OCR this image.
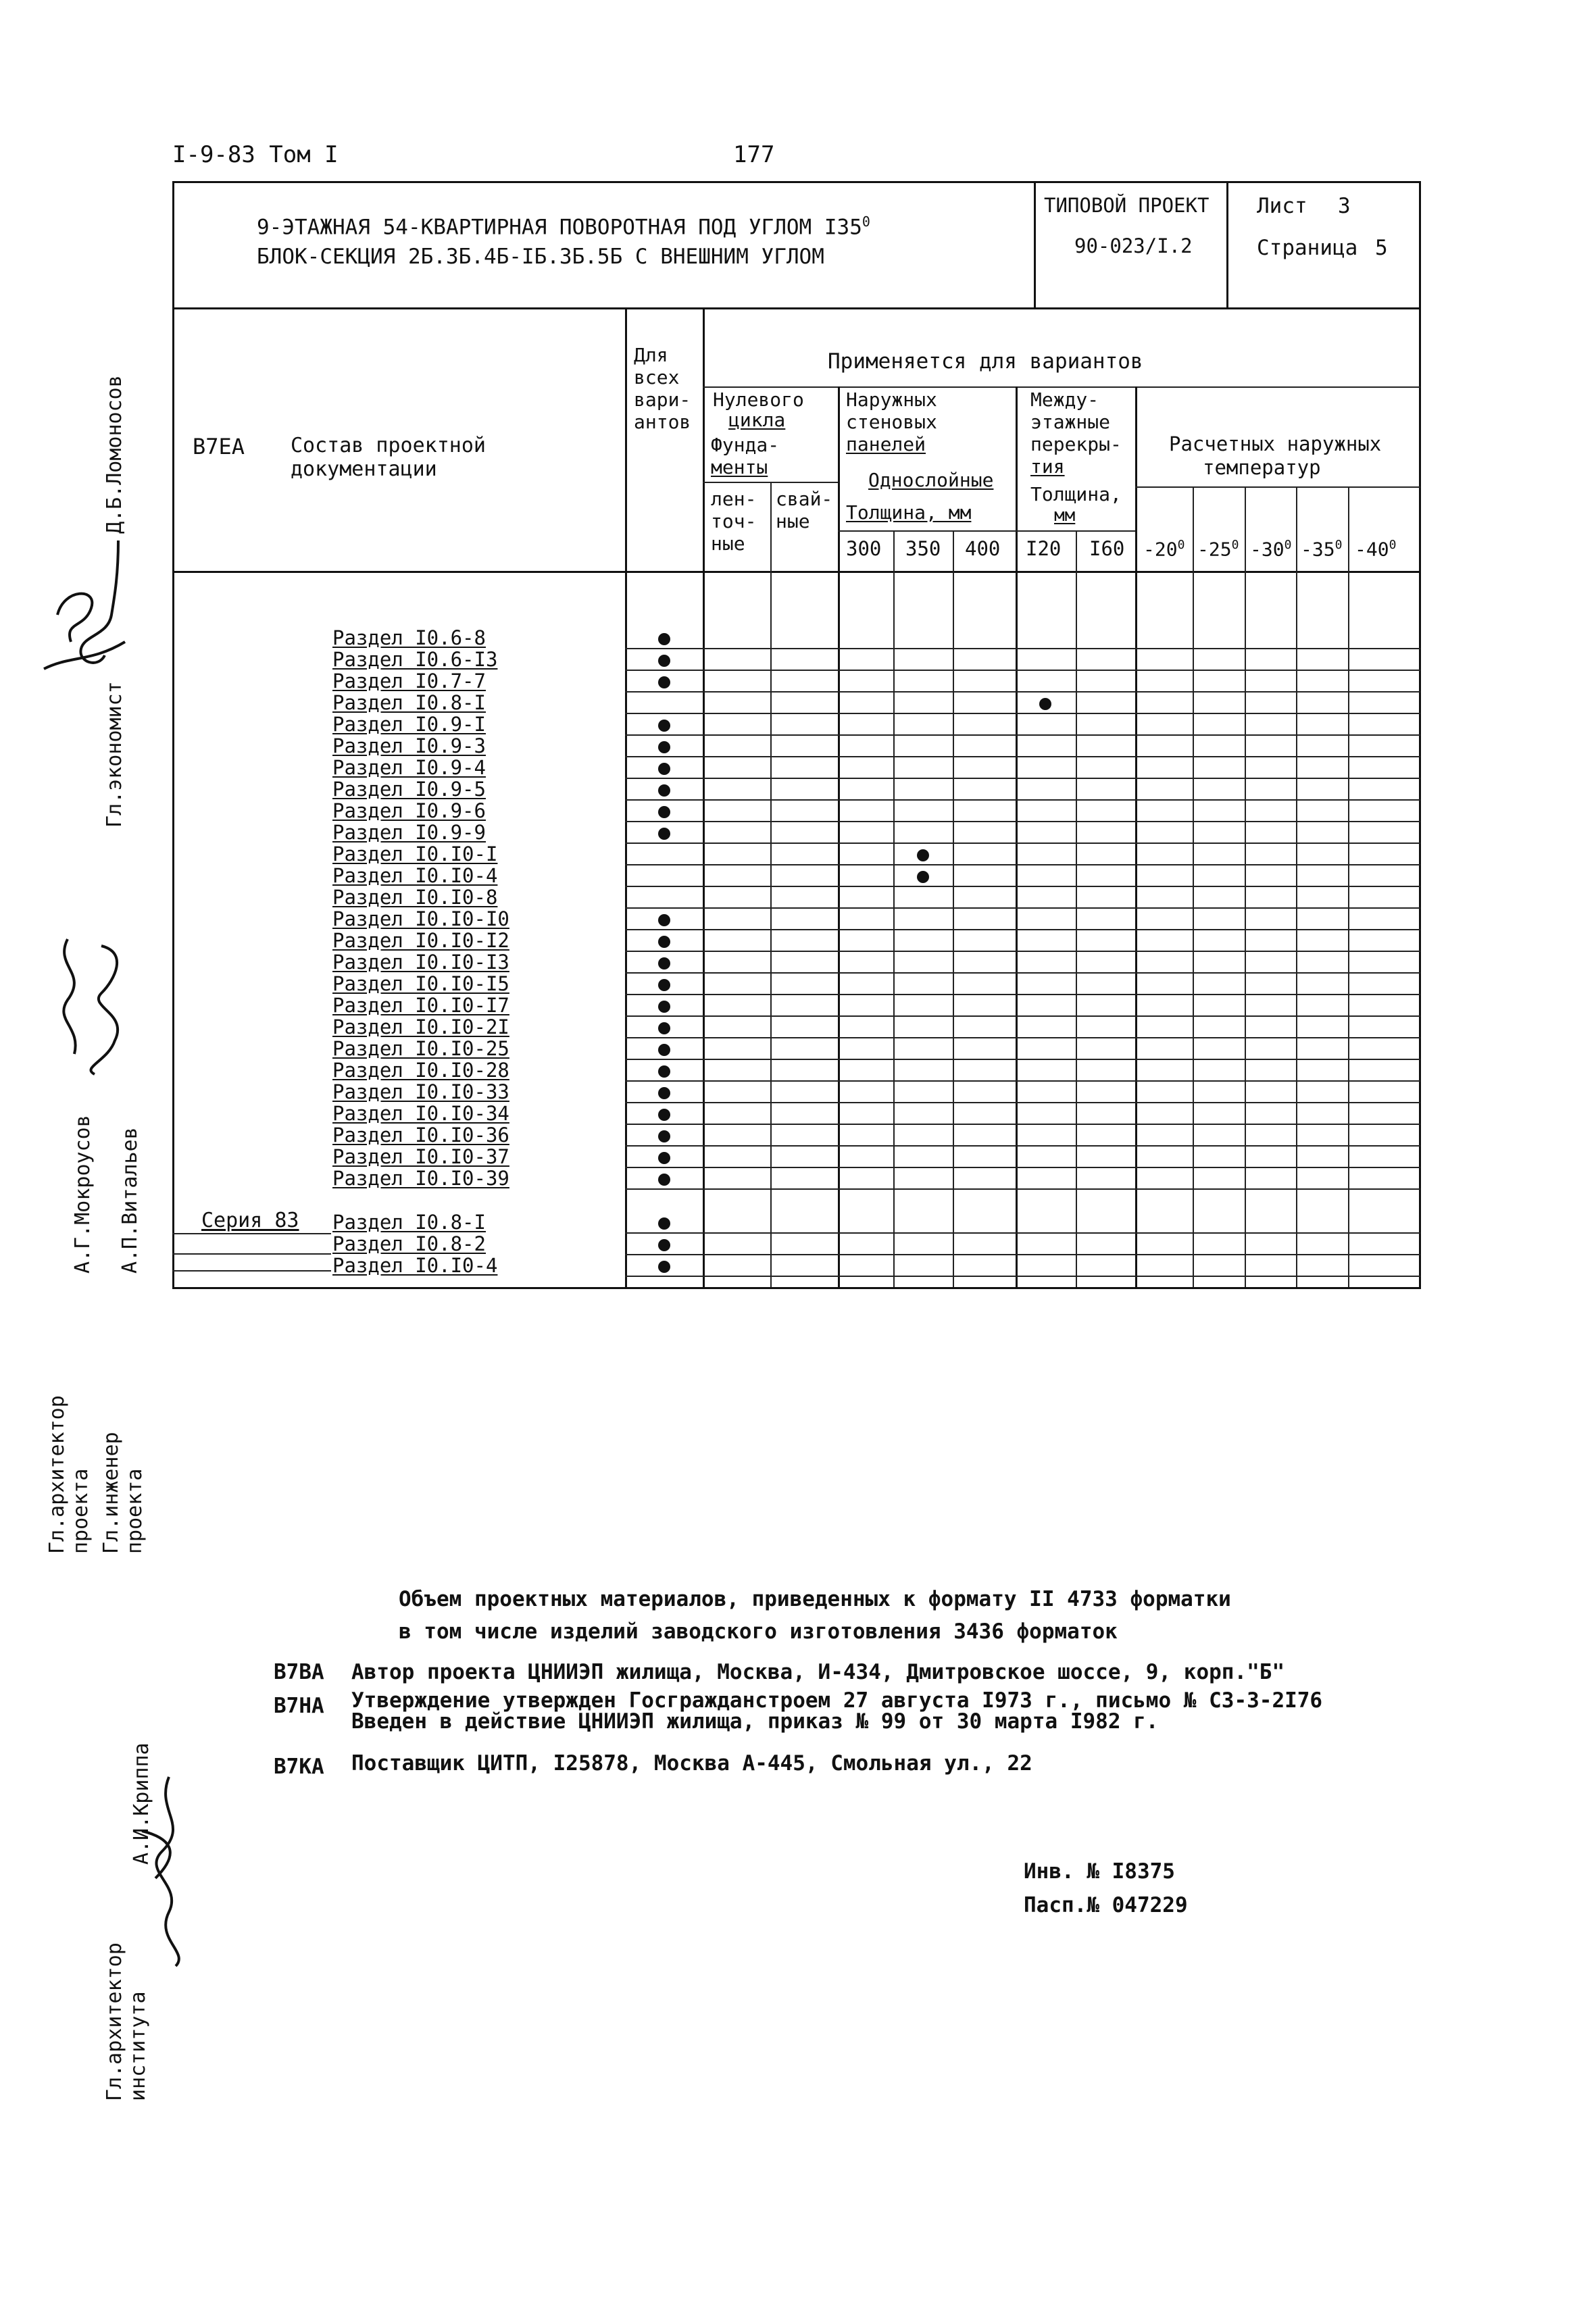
I-9-83 Том I	177
9-ЭТАЖНАЯ 54-КВАРТИРНАЯ ПОВОРОТНАЯ ПОД УГЛОМ $I35^0$
БЛОК-СЕКЦИЯ 2Б.3Б.4Б-IБ.3Б.5Б С ВНЕШНИМ УГЛОМ
ТИПОВОЙ ПРОЕКТ
90-023/I.2
Лист 3
Страница 5
В7ЕА Состав проектной
документации
Для
всех
вари-
антов
Применяется для вариантов
Нулевого
цикла
Фунда-
менты
лен-
точ-
ные
свай-
ные
Наружных
стеновых
панелей
Однослойные
Толщина, мм
300 350 400
Между-
этажные
перекры-
тия
Толщина,
мм
I20 I60
Расчетных наружных
температур
$-20^0$ $-25^0$ $-30^0$ $-35^0$ $-40^0$
Раздел I0.6-8
Раздел I0.6-I3
Раздел I0.7-7
Раздел I0.8-I
Раздел I0.9-I
Раздел I0.9-3
Раздел I0.9-4
Раздел I0.9-5
Раздел I0.9-6
Раздел I0.9-9
Раздел I0.I0-I
Раздел I0.I0-4
Раздел I0.I0-8
Раздел I0.I0-I0
Раздел I0.I0-I2
Раздел I0.I0-I3
Раздел I0.I0-I5
Раздел I0.I0-I7
Раздел I0.I0-2I
Раздел I0.I0-25
Раздел I0.I0-28
Раздел I0.I0-33
Раздел I0.I0-34
Раздел I0.I0-36
Раздел I0.I0-37
Раздел I0.I0-39
Раздел I0.8-I
Раздел I0.8-2
Раздел I0.I0-4
Серия 83
Д.Б.Ломоносов
Гл.экономист
А.Г.Мокроусов А.П.Витальев
Гл.архитектор проекта Гл.инженер проекта
Гл.архитектор института
А.И.Криппа
Объем проектных материалов, приведенных к формату II 4733 форматки
в том числе изделий заводского изготовления 3436 форматок
В7ВА Автор проекта ЦНИИЭП жилища, Москва, И-434, Дмитровское шоссе, 9, корп."Б"
В7НА Утверждение утвержден Госгражданстроем 27 августа I973 г., письмо № СЗ-3-2I76
Введен в действие ЦНИИЭП жилища, приказ № 99 от 30 марта I982 г.
В7КА Поставщик ЦИТП, I25878, Москва А-445, Смольная ул., 22
Инв. № I8375
Пасп.№ 047229
